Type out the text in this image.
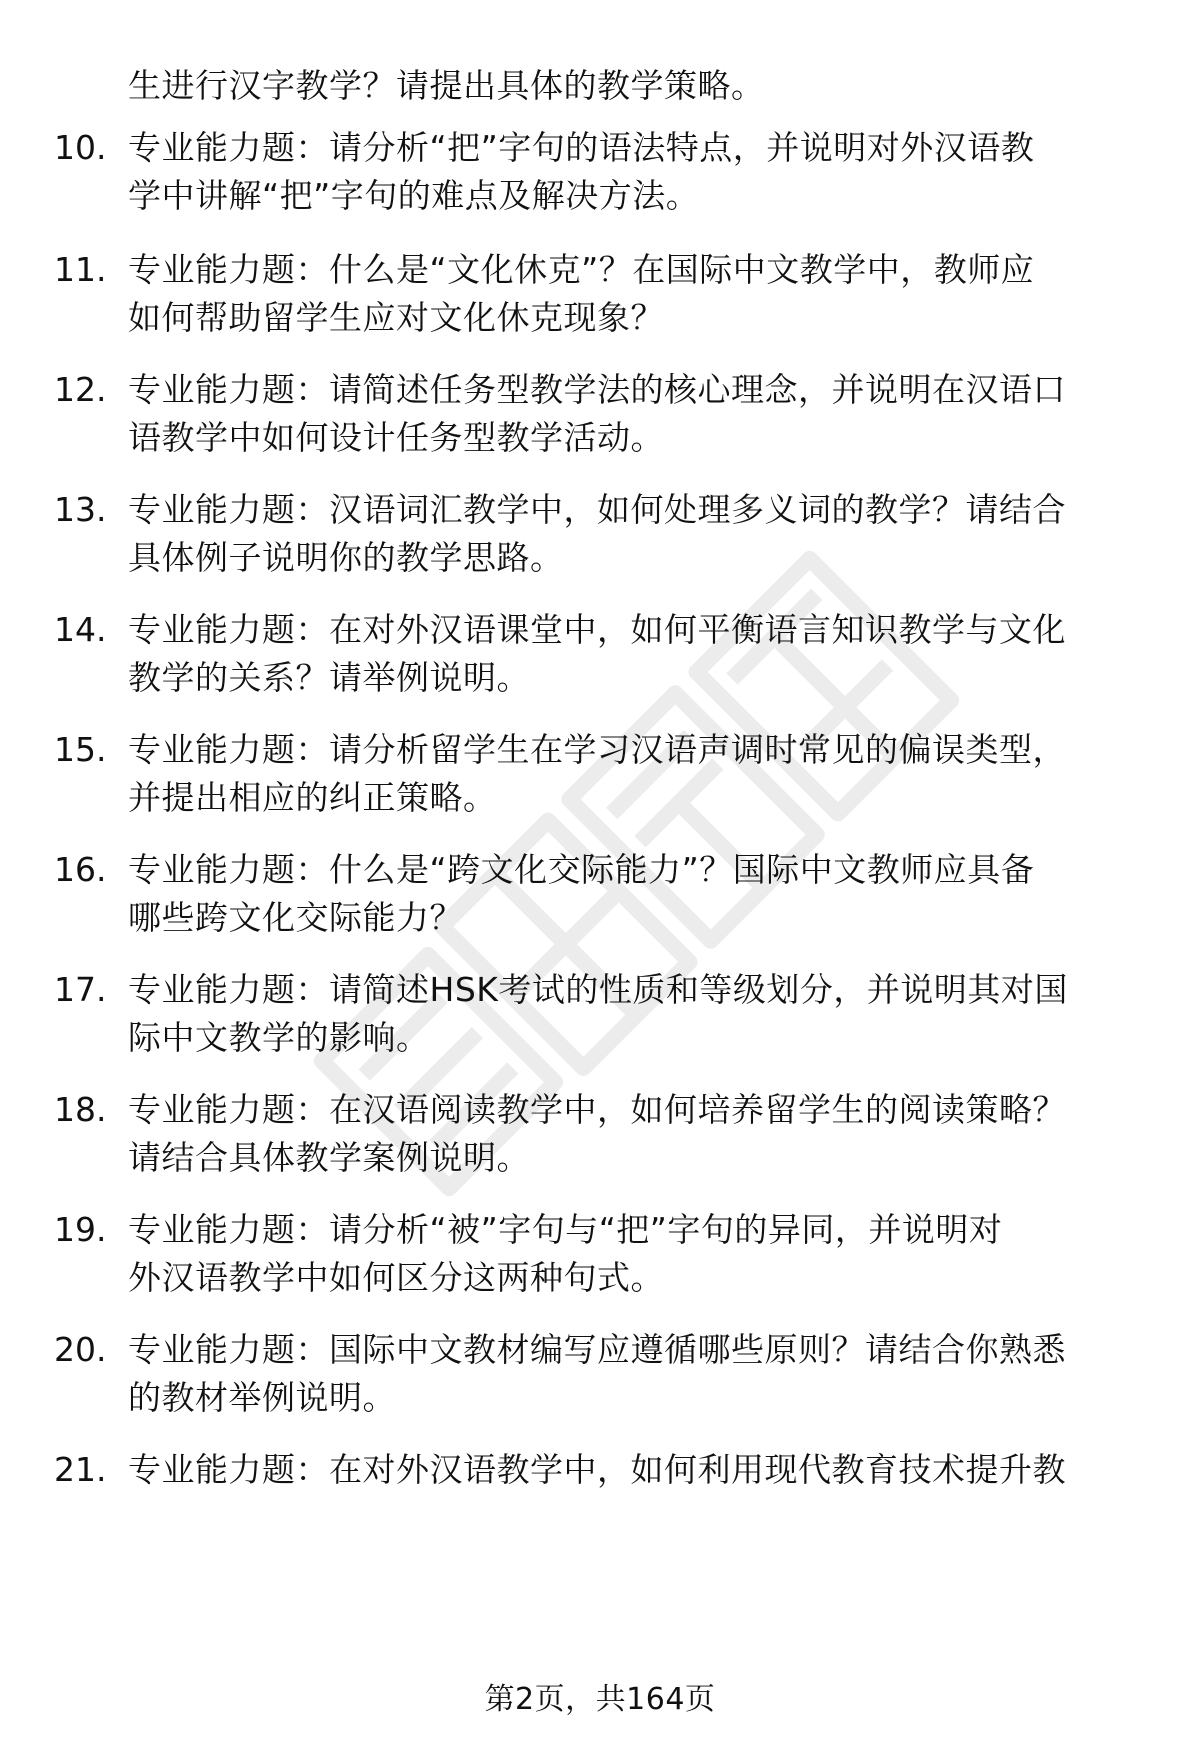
生进行汉字教学？请提出具体的教学策略。
10. 专业能力题：请分析“把”字句的语法特点，并说明对外汉语教
学中讲解“把”字句的难点及解决方法。
11. 专业能力题：什么是“文化休克”？在国际中文教学中，教师应
如何帮助留学生应对文化休克现象？
12. 专业能力题：请简述任务型教学法的核心理念，并说明在汉语口
语教学中如何设计任务型教学活动。
13. 专业能力题：汉语词汇教学中，如何处理多义词的教学？请结合
具体例子说明你的教学思路。
14. 专业能力题：在对外汉语课堂中，如何平衡语言知识教学与文化
教学的关系？请举例说明。
15. 专业能力题：请分析留学生在学习汉语声调时常见的偏误类型，
并提出相应的纠正策略。
16. 专业能力题：什么是“跨文化交际能力”？国际中文教师应具备
哪些跨文化交际能力？
17. 专业能力题：请简述HSK考试的性质和等级划分，并说明其对国
际中文教学的影响。
18. 专业能力题：在汉语阅读教学中，如何培养留学生的阅读策略？
请结合具体教学案例说明。
19. 专业能力题：请分析“被”字句与“把”字句的异同，并说明对
外汉语教学中如何区分这两种句式。
20. 专业能力题：国际中文教材编写应遵循哪些原则？请结合你熟悉
的教材举例说明。
21. 专业能力题：在对外汉语教学中，如何利用现代教育技术提升教
第2页，共164页
